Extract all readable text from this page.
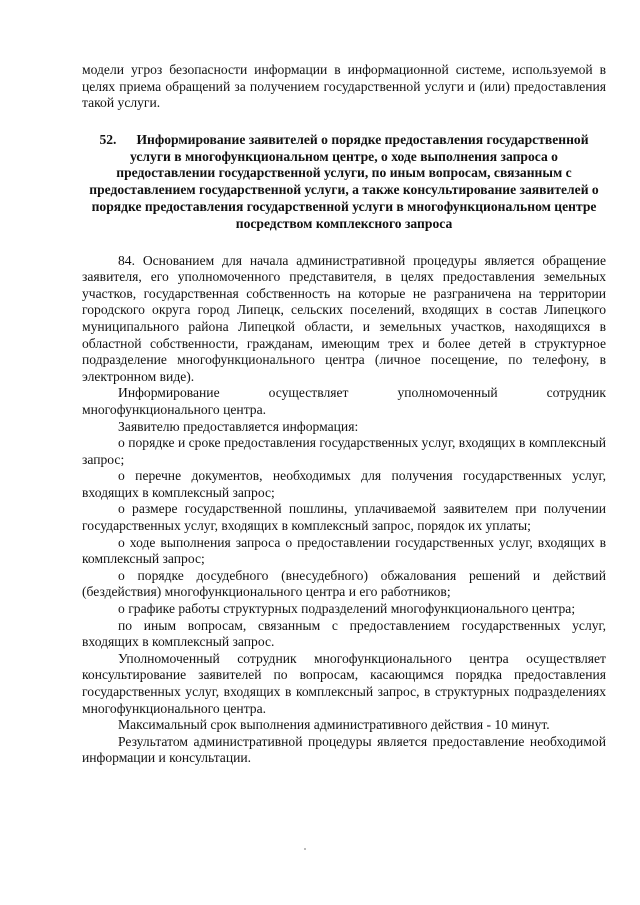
модели угроз безопасности информации в информационной системе, используемой в целях приема обращений за получением государственной услуги и (или) предоставления такой услуги.

52. Информирование заявителей о порядке предоставления государственной услуги в многофункциональном центре, о ходе выполнения запроса о предоставлении государственной услуги, по иным вопросам, связанным с предоставлением государственной услуги, а также консультирование заявителей о порядке предоставления государственной услуги в многофункциональном центре посредством комплексного запроса

84. Основанием для начала административной процедуры является обращение заявителя, его уполномоченного представителя, в целях предоставления земельных участков, государственная собственность на которые не разграничена на территории городского округа город Липецк, сельских поселений, входящих в состав Липецкого муниципального района Липецкой области, и земельных участков, находящихся в областной собственности, гражданам, имеющим трех и более детей в структурное подразделение многофункционального центра (личное посещение, по телефону, в электронном виде).

Информирование осуществляет уполномоченный сотрудник многофункционального центра.

Заявителю предоставляется информация:

о порядке и сроке предоставления государственных услуг, входящих в комплексный запрос;

о перечне документов, необходимых для получения государственных услуг, входящих в комплексный запрос;

о размере государственной пошлины, уплачиваемой заявителем при получении государственных услуг, входящих в комплексный запрос, порядок их уплаты;

о ходе выполнения запроса о предоставлении государственных услуг, входящих в комплексный запрос;

о порядке досудебного (внесудебного) обжалования решений и действий (бездействия) многофункционального центра и его работников;

о графике работы структурных подразделений многофункционального центра;

по иным вопросам, связанным с предоставлением государственных услуг, входящих в комплексный запрос.

Уполномоченный сотрудник многофункционального центра осуществляет консультирование заявителей по вопросам, касающимся порядка предоставления государственных услуг, входящих в комплексный запрос, в структурных подразделениях многофункционального центра.

Максимальный срок выполнения административного действия - 10 минут.

Результатом административной процедуры является предоставление необходимой информации и консультации.
